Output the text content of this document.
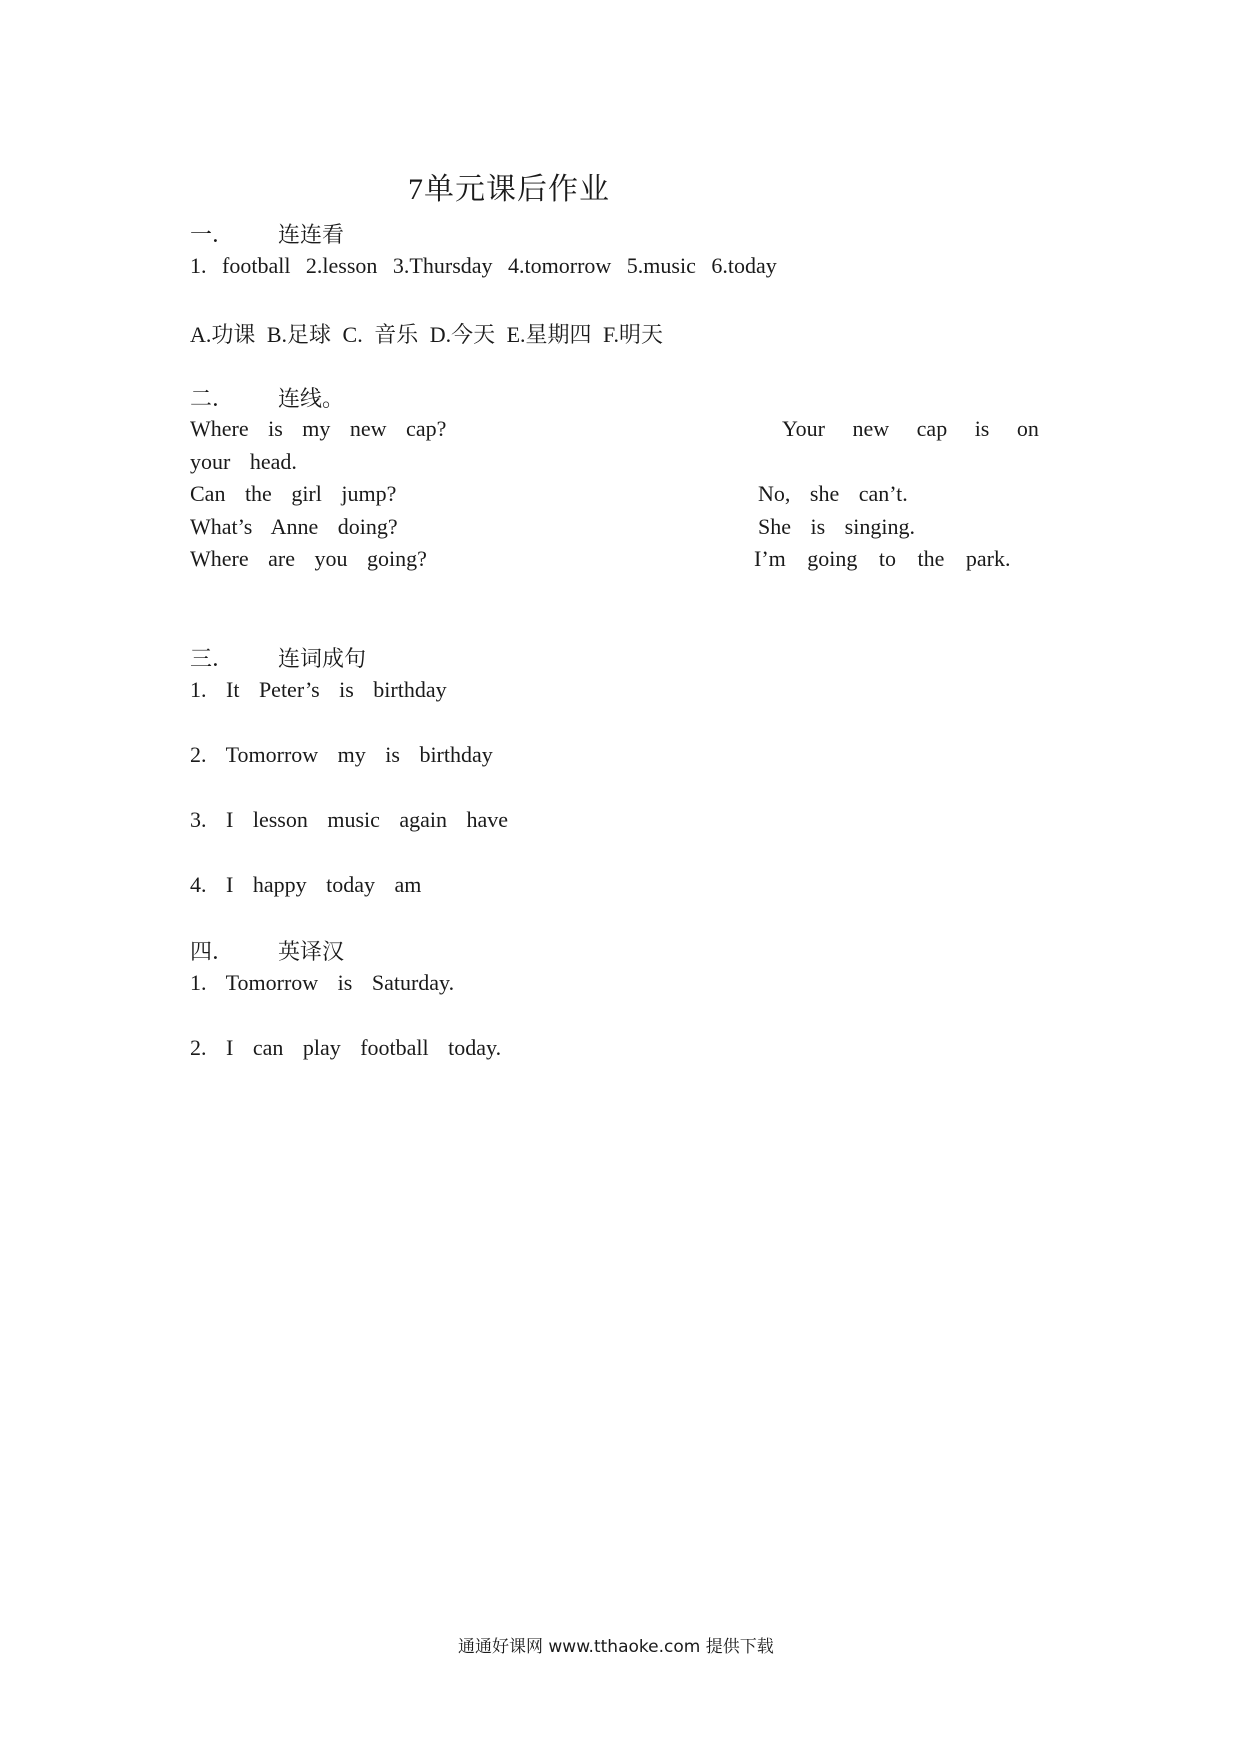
7单元课后作业
一． 连连看
1. football 2.lesson 3.Thursday 4.tomorrow 5.music 6.today
A.功课 B.足球 C. 音乐 D.今天 E.星期四 F.明天
二． 连线。
Where is my new cap?	Your new cap is on
your head.
Can the girl jump?	No, she can’t.
What’s Anne doing?	She is singing.
Where are you going?	I’m going to the park.
三． 连词成句
1. It Peter’s is birthday
2. Tomorrow my is birthday
3. I lesson music again have
4. I happy today am
四． 英译汉
1. Tomorrow is Saturday.
2. I can play football today.
通通好课网 www.tthaoke.com 提供下载
